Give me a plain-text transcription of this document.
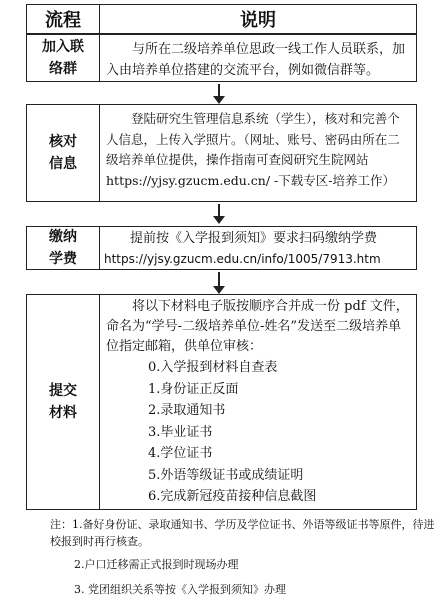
流程	说明
加入联
络群

与所在二级培养单位思政一线工作人员联系，加入由培养单位搭建的交流平台，例如微信群等。

核对
信息

登陆研究生管理信息系统（学生），核对和完善个人信息，上传入学照片。（网址、账号、密码由所在二级培养单位提供，操作指南可查阅研究生院网站 https://yjsy.gzucm.edu.cn/ -下载专区-培养工作）

缴纳
学费

提前按《入学报到须知》要求扫码缴纳学费

https://yjsy.gzucm.edu.cn/info/1005/7913.htm
提交
材料

将以下材料电子版按顺序合并成一份 pdf 文件，命名为“学号-二级培养单位-姓名”发送至二级培养单位指定邮箱，供单位审核：

0.入学报到材料自查表
1.身份证正反面
2.录取通知书
3.毕业证书
4.学位证书
5.外语等级证书或成绩证明
6.完成新冠疫苗接种信息截图
注：1.备好身份证、录取通知书、学历及学位证书、外语等级证书等原件，待进校报到时再行核查。
2.户口迁移需正式报到时现场办理
3. 党团组织关系等按《入学报到须知》办理
